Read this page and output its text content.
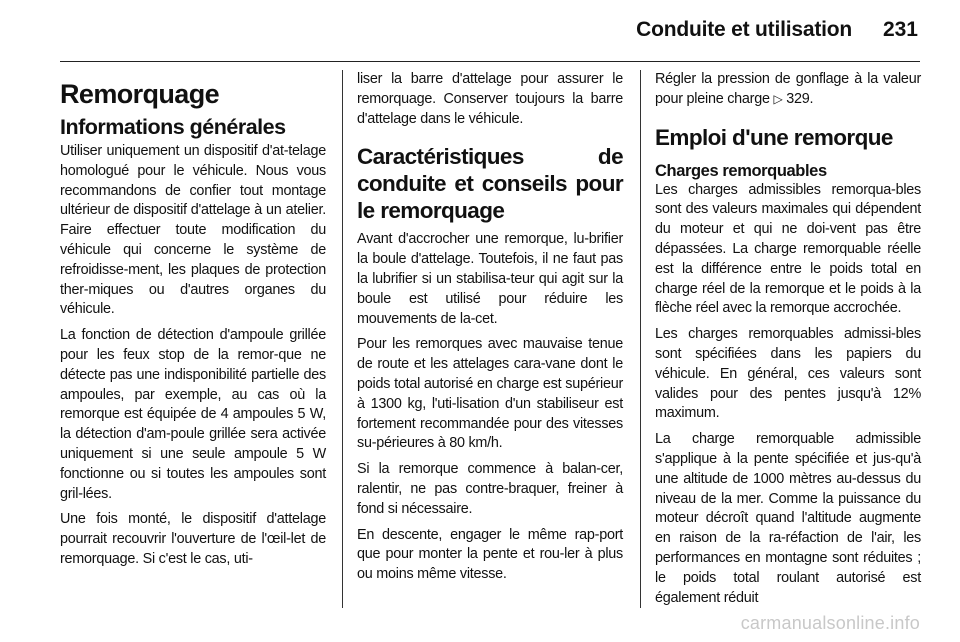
Conduite et utilisation 231
Remorquage
Informations générales

Utiliser uniquement un dispositif d'at-telage homologué pour le véhicule. Nous vous recommandons de confier tout montage ultérieur de dispositif d'attelage à un atelier. Faire effectuer toute modification du véhicule qui concerne le système de refroidisse-ment, les plaques de protection ther-miques ou d'autres organes du véhicule.

La fonction de détection d'ampoule grillée pour les feux stop de la remor-que ne détecte pas une indisponibilité partielle des ampoules, par exemple, au cas où la remorque est équipée de 4 ampoules 5 W, la détection d'am-poule grillée sera activée uniquement si une seule ampoule 5 W fonctionne ou si toutes les ampoules sont gril-lées.

Une fois monté, le dispositif d'attelage pourrait recouvrir l'ouverture de l'œil-let de remorquage. Si c'est le cas, uti-

liser la barre d'attelage pour assurer le remorquage. Conserver toujours la barre d'attelage dans le véhicule.

Caractéristiques de conduite et conseils pour le remorquage

Avant d'accrocher une remorque, lu-brifier la boule d'attelage. Toutefois, il ne faut pas la lubrifier si un stabilisa-teur qui agit sur la boule est utilisé pour réduire les mouvements de la-cet.

Pour les remorques avec mauvaise tenue de route et les attelages cara-vane dont le poids total autorisé en charge est supérieur à 1300 kg, l'uti-lisation d'un stabiliseur est fortement recommandée pour des vitesses su-périeures à 80 km/h.

Si la remorque commence à balan-cer, ralentir, ne pas contre-braquer, freiner à fond si nécessaire.

En descente, engager le même rap-port que pour monter la pente et rou-ler à plus ou moins même vitesse.

Régler la pression de gonflage à la valeur pour pleine charge ▷ 329.

Emploi d'une remorque
Charges remorquables

Les charges admissibles remorqua-bles sont des valeurs maximales qui dépendent du moteur et qui ne doi-vent pas être dépassées. La charge remorquable réelle est la différence entre le poids total en charge réel de la remorque et le poids à la flèche réel avec la remorque accrochée.

Les charges remorquables admissi-bles sont spécifiées dans les papiers du véhicule. En général, ces valeurs sont valides pour des pentes jusqu'à 12% maximum.

La charge remorquable admissible s'applique à la pente spécifiée et jus-qu'à une altitude de 1000 mètres au-dessus du niveau de la mer. Comme la puissance du moteur décroît quand l'altitude augmente en raison de la ra-réfaction de l'air, les performances en montagne sont réduites ; le poids total roulant autorisé est également réduit

carmanualsonline.info
